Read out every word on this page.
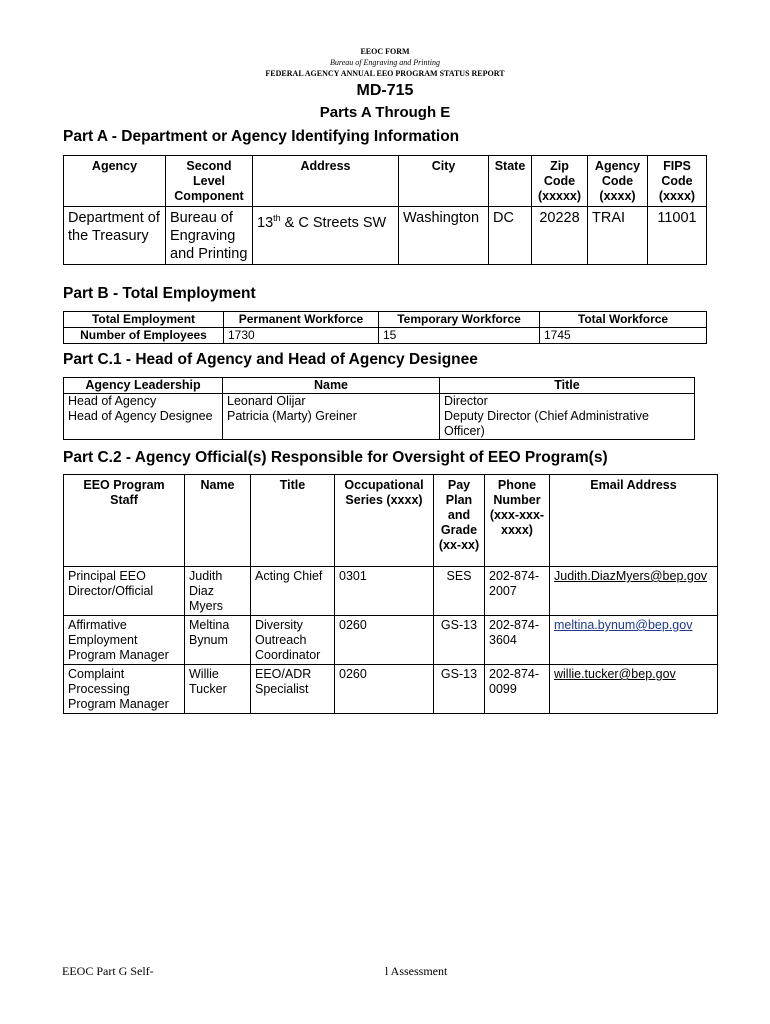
EEOC FORM
Bureau of Engraving and Printing
FEDERAL AGENCY ANNUAL EEO PROGRAM STATUS REPORT
MD-715
Parts A Through E
Part A - Department or Agency Identifying Information
Agency	Second Level Component	Address	City	State	Zip Code (xxxxx)	Agency Code (xxxx)	FIPS Code (xxxx)
Department of the Treasury	Bureau of Engraving and Printing	13th & C Streets SW	Washington	DC	20228	TRAI	11001
Part B - Total Employment
Total Employment	Permanent Workforce	Temporary Workforce	Total Workforce
Number of Employees	1730	15	1745
Part C.1 - Head of Agency and Head of Agency Designee
Agency Leadership	Name	Title
Head of Agency	Leonard Olijar	Director
Head of Agency Designee	Patricia (Marty) Greiner	Deputy Director (Chief Administrative Officer)
Part C.2 - Agency Official(s) Responsible for Oversight of EEO Program(s)
EEO Program Staff	Name	Title	Occupational Series (xxxx)	Pay Plan and Grade (xx-xx)	Phone Number (xxx-xxx-xxxx)	Email Address
Principal EEO Director/Official	Judith Diaz Myers	Acting Chief	0301	SES	202-874-2007	Judith.DiazMyers@bep.gov
Affirmative Employment Program Manager	Meltina Bynum	Diversity Outreach Coordinator	0260	GS-13	202-874-3604	meltina.bynum@bep.gov
Complaint Processing Program Manager	Willie Tucker	EEO/ADR Specialist	0260	GS-13	202-874-0099	willie.tucker@bep.gov
EEOC Part G Self-	l Assessment
